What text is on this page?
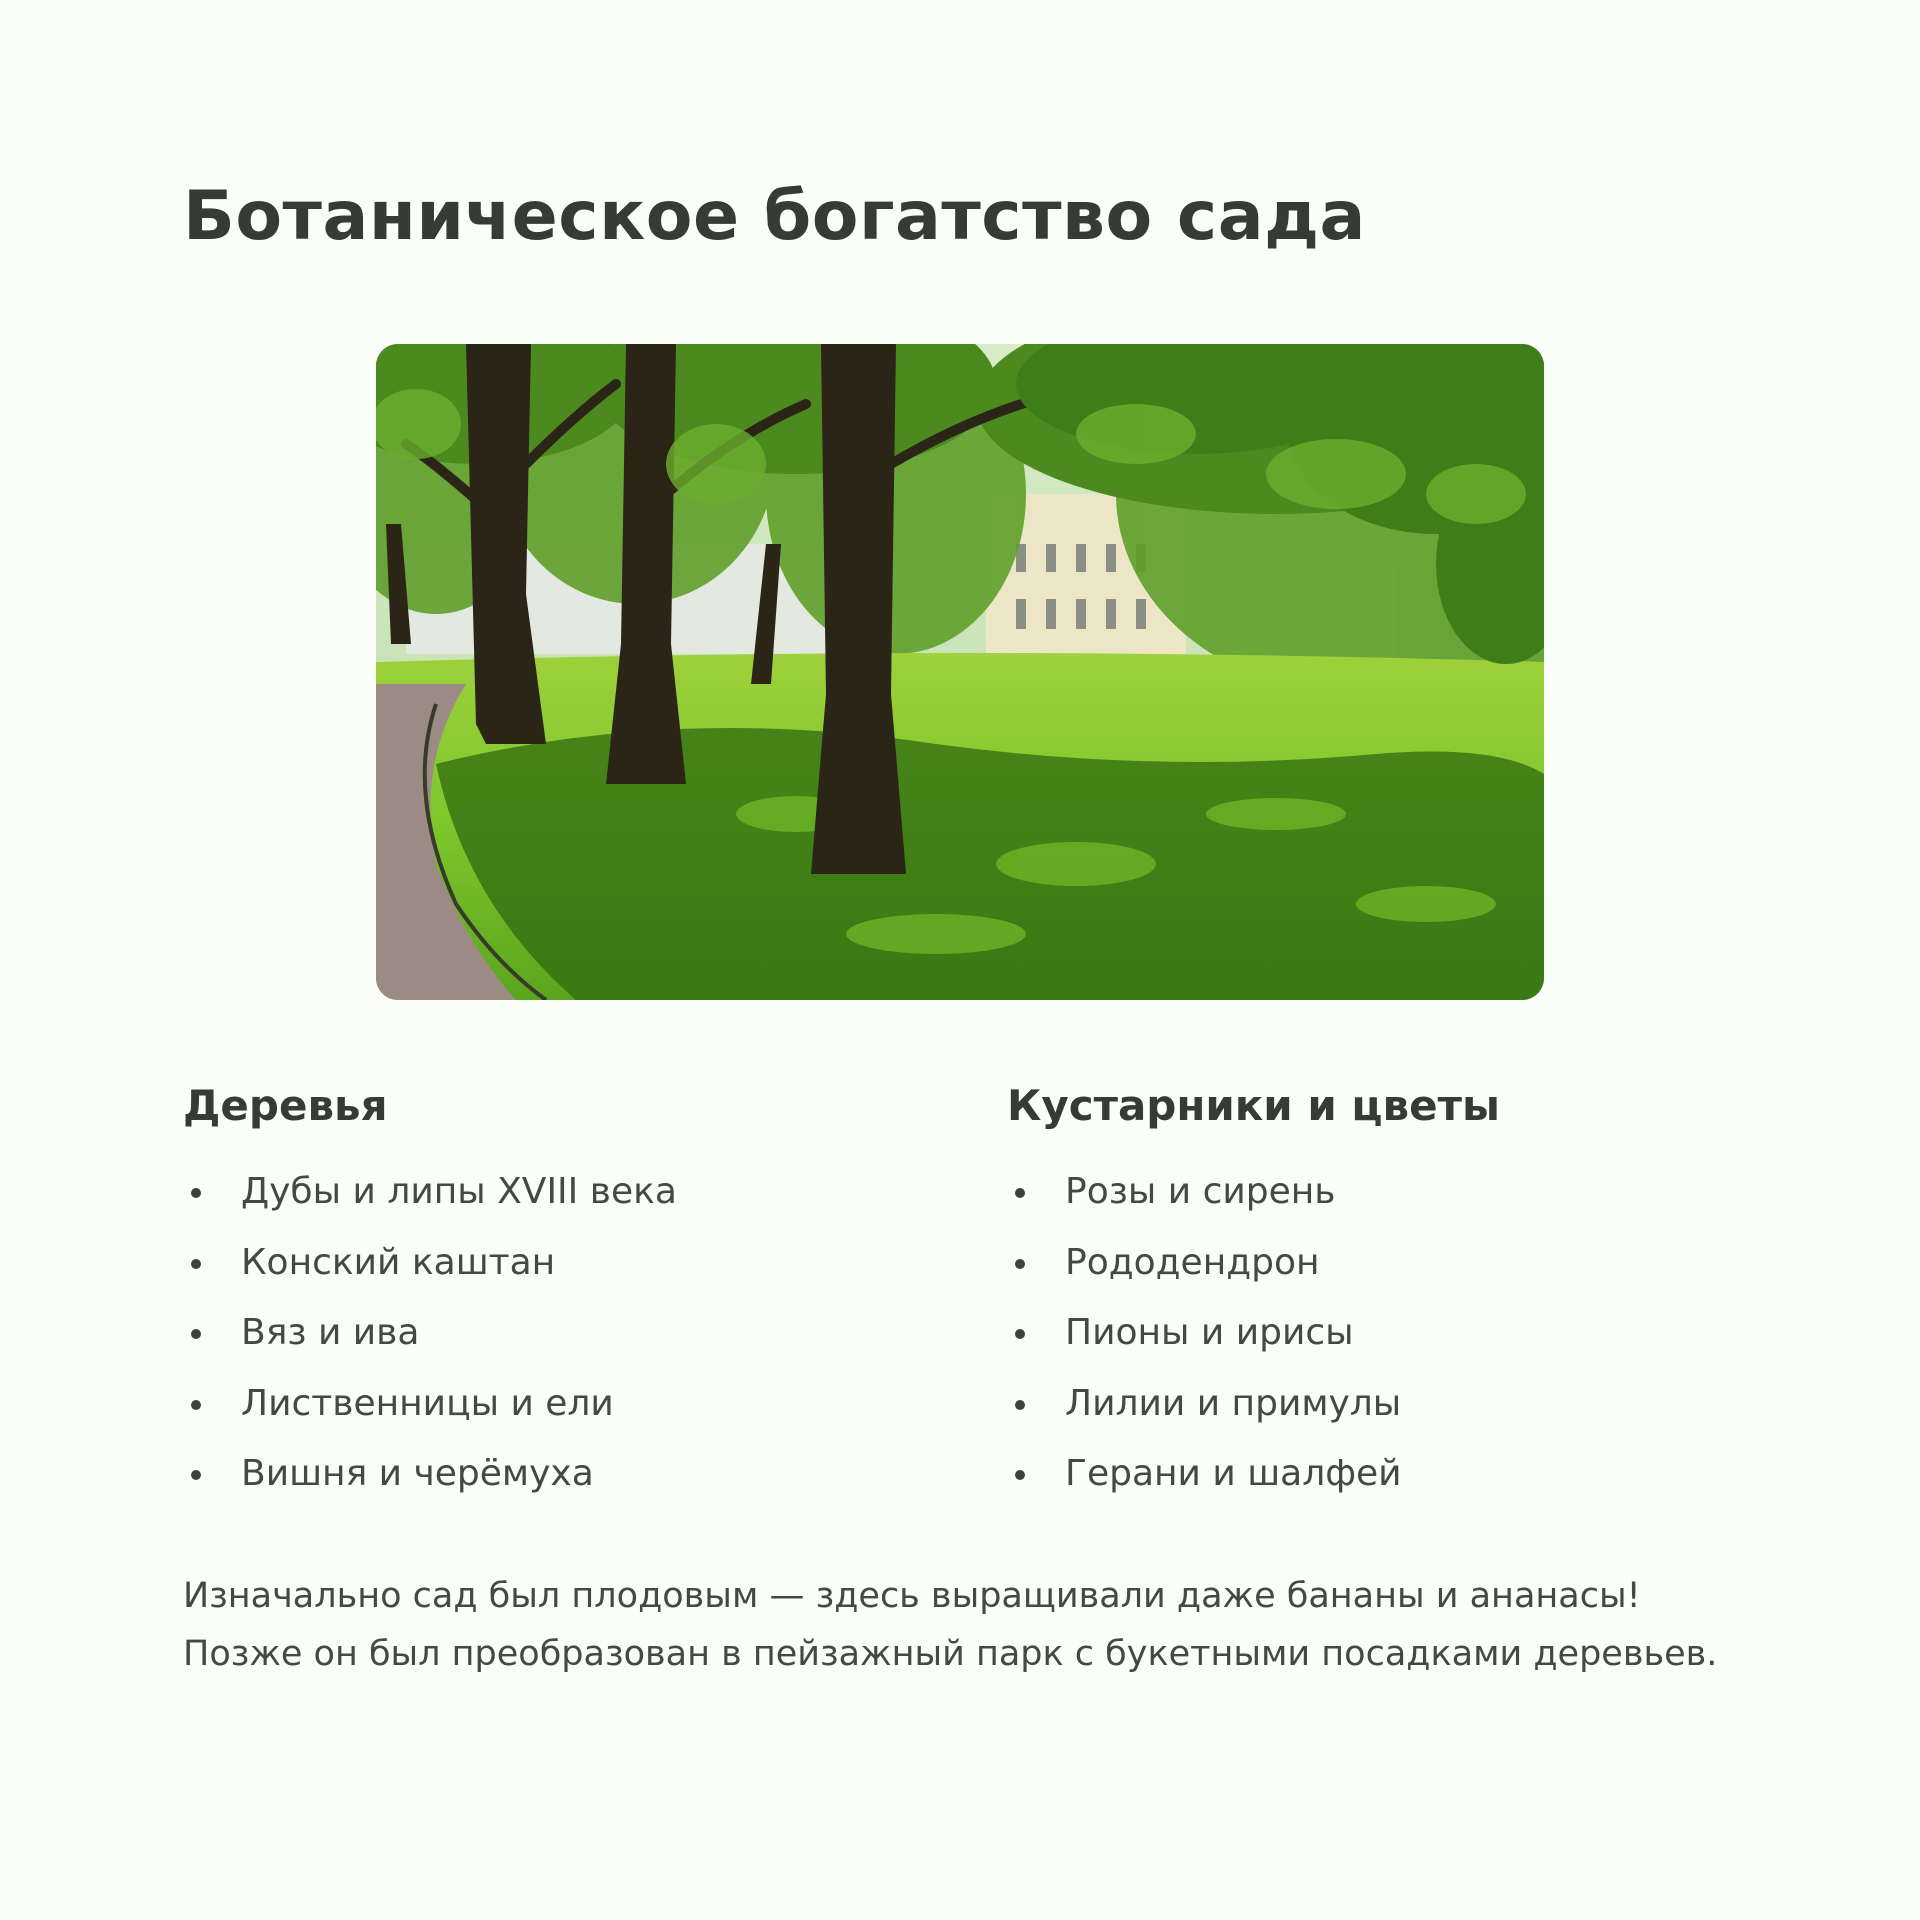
Ботаническое богатство сада
Деревья
Дубы и липы XVIII века
Конский каштан
Вяз и ива
Лиственницы и ели
Вишня и черёмуха
Кустарники и цветы
Розы и сирень
Рододендрон
Пионы и ирисы
Лилии и примулы
Герани и шалфей

Изначально сад был плодовым — здесь выращивали даже бананы и ананасы! Позже он был преобразован в пейзажный парк с букетными посадками деревьев.
